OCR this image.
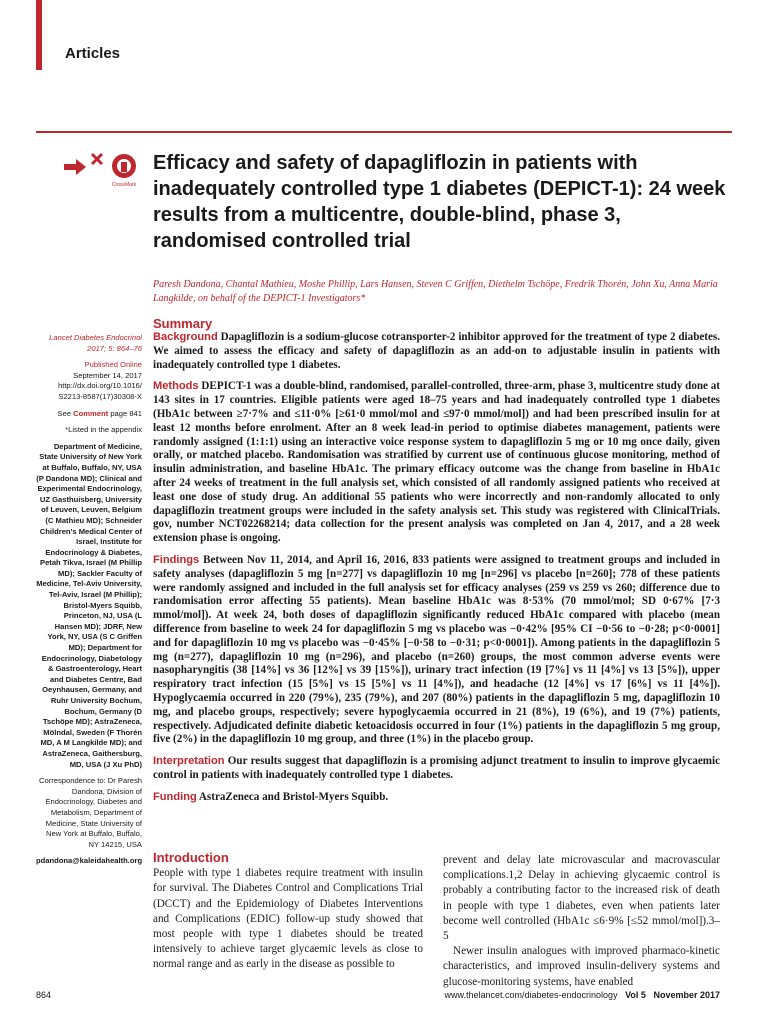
Articles
CrossMark
Efficacy and safety of dapagliflozin in patients with inadequately controlled type 1 diabetes (DEPICT-1): 24 week results from a multicentre, double-blind, phase 3, randomised controlled trial
Paresh Dandona, Chantal Mathieu, Moshe Phillip, Lars Hansen, Steven C Griffen, Diethelm Tschöpe, Fredrik Thorén, John Xu, Anna Maria Langkilde, on behalf of the DEPICT-1 Investigators*
Summary

Background Dapagliflozin is a sodium-glucose cotransporter-2 inhibitor approved for the treatment of type 2 diabetes. We aimed to assess the efficacy and safety of dapagliflozin as an add-on to adjustable insulin in patients with inadequately controlled type 1 diabetes.

Methods DEPICT-1 was a double-blind, randomised, parallel-controlled, three-arm, phase 3, multicentre study done at 143 sites in 17 countries. Eligible patients were aged 18–75 years and had inadequately controlled type 1 diabetes (HbA1c between ≥7·7% and ≤11·0% [≥61·0 mmol/mol and ≤97·0 mmol/mol]) and had been prescribed insulin for at least 12 months before enrolment. After an 8 week lead-in period to optimise diabetes management, patients were randomly assigned (1:1:1) using an interactive voice response system to dapagliflozin 5 mg or 10 mg once daily, given orally, or matched placebo. Randomisation was stratified by current use of continuous glucose monitoring, method of insulin administration, and baseline HbA1c. The primary efficacy outcome was the change from baseline in HbA1c after 24 weeks of treatment in the full analysis set, which consisted of all randomly assigned patients who received at least one dose of study drug. An additional 55 patients who were incorrectly and non-randomly allocated to only dapagliflozin treatment groups were included in the safety analysis set. This study was registered with ClinicalTrials. gov, number NCT02268214; data collection for the present analysis was completed on Jan 4, 2017, and a 28 week extension phase is ongoing.

Findings Between Nov 11, 2014, and April 16, 2016, 833 patients were assigned to treatment groups and included in safety analyses (dapagliflozin 5 mg [n=277] vs dapagliflozin 10 mg [n=296] vs placebo [n=260]; 778 of these patients were randomly assigned and included in the full analysis set for efficacy analyses (259 vs 259 vs 260; difference due to randomisation error affecting 55 patients). Mean baseline HbA1c was 8·53% (70 mmol/mol; SD 0·67% [7·3 mmol/mol]). At week 24, both doses of dapagliflozin significantly reduced HbA1c compared with placebo (mean difference from baseline to week 24 for dapagliflozin 5 mg vs placebo was −0·42% [95% CI −0·56 to −0·28; p<0·0001] and for dapagliflozin 10 mg vs placebo was −0·45% [−0·58 to −0·31; p<0·0001]). Among patients in the dapagliflozin 5 mg (n=277), dapagliflozin 10 mg (n=296), and placebo (n=260) groups, the most common adverse events were nasopharyngitis (38 [14%] vs 36 [12%] vs 39 [15%]), urinary tract infection (19 [7%] vs 11 [4%] vs 13 [5%]), upper respiratory tract infection (15 [5%] vs 15 [5%] vs 11 [4%]), and headache (12 [4%] vs 17 [6%] vs 11 [4%]). Hypoglycaemia occurred in 220 (79%), 235 (79%), and 207 (80%) patients in the dapagliflozin 5 mg, dapagliflozin 10 mg, and placebo groups, respectively; severe hypoglycaemia occurred in 21 (8%), 19 (6%), and 19 (7%) patients, respectively. Adjudicated definite diabetic ketoacidosis occurred in four (1%) patients in the dapagliflozin 5 mg group, five (2%) in the dapagliflozin 10 mg group, and three (1%) in the placebo group.

Interpretation Our results suggest that dapagliflozin is a promising adjunct treatment to insulin to improve glycaemic control in patients with inadequately controlled type 1 diabetes.

Funding AstraZeneca and Bristol-Myers Squibb.

Lancet Diabetes Endocrinol 2017; 5: 864–76

Published Online
September 14, 2017
http://dx.doi.org/10.1016/ S2213-8587(17)30308-X

See Comment page 841

*Listed in the appendix

Department of Medicine, State University of New York at Buffalo, Buffalo, NY, USA (P Dandona MD); Clinical and Experimental Endocrinology, UZ Gasthuisberg, University of Leuven, Leuven, Belgium (C Mathieu MD); Schneider Children's Medical Center of Israel, Institute for Endocrinology & Diabetes, Petah Tikva, Israel (M Phillip MD); Sackler Faculty of Medicine, Tel-Aviv University, Tel-Aviv, Israel (M Phillip); Bristol-Myers Squibb, Princeton, NJ, USA (L Hansen MD); JDRF, New York, NY, USA (S C Griffen MD); Department for Endocrinology, Diabetology & Gastroenterology, Heart and Diabetes Centre, Bad Oeynhausen, Germany, and Ruhr University Bochum, Bochum, Germany (D Tschöpe MD); AstraZeneca, Mölndal, Sweden (F Thorén MD, A M Langkilde MD); and AstraZeneca, Gaithersburg, MD, USA (J Xu PhD)

Correspondence to: Dr Paresh Dandona, Division of Endocrinology, Diabetes and Metabolism, Department of Medicine, State University of New York at Buffalo, Buffalo, NY 14215, USA

pdandona@kaleidahealth.org Introduction

People with type 1 diabetes require treatment with insulin for survival. The Diabetes Control and Complications Trial (DCCT) and the Epidemiology of Diabetes Interventions and Complications (EDIC) follow-up study showed that most people with type 1 diabetes should be treated intensively to achieve target glycaemic levels as close to normal range and as early in the disease as possible to

prevent and delay late microvascular and macrovascular complications.1,2 Delay in achieving glycaemic control is probably a contributing factor to the increased risk of death in people with type 1 diabetes, even when patients later become well controlled (HbA1c ≤6·9% [≤52 mmol/mol]).3–5

Newer insulin analogues with improved pharmaco-kinetic characteristics, and improved insulin-delivery systems and glucose-monitoring systems, have enabled

864	www.thelancet.com/diabetes-endocrinology Vol 5 November 2017
